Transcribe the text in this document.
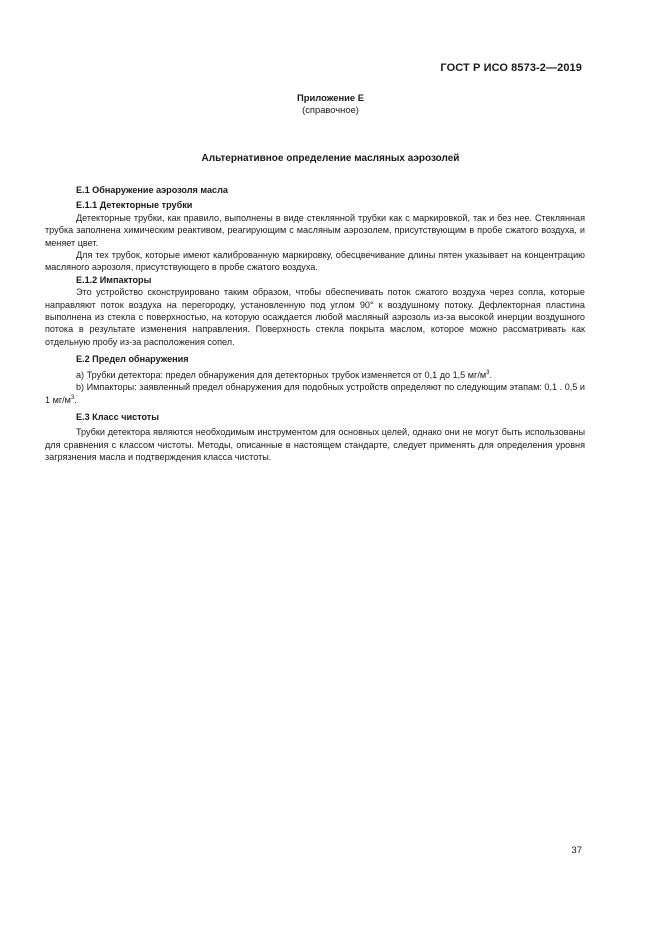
ГОСТ Р ИСО 8573-2—2019
Приложение Е
(справочное)
Альтернативное определение масляных аэрозолей

Е.1 Обнаружение аэрозоля масла

Е.1.1 Детекторные трубки

Детекторные трубки, как правило, выполнены в виде стеклянной трубки как с маркировкой, так и без нее. Стеклянная трубка заполнена химическим реактивом, реагирующим с масляным аэрозолем, присутствующим в пробе сжатого воздуха, и меняет цвет.

Для тех трубок, которые имеют калиброванную маркировку, обесцвечивание длины пятен указывает на концентрацию масляного аэрозоля, присутствующего в пробе сжатого воздуха.

Е.1.2 Импакторы

Это устройство сконструировано таким образом, чтобы обеспечивать поток сжатого воздуха через сопла, которые направляют поток воздуха на перегородку, установленную под углом 90° к воздушному потоку. Дефлекторная пластина выполнена из стекла с поверхностью, на которую осаждается любой масляный аэрозоль из-за высокой инерции воздушного потока в результате изменения направления. Поверхность стекла покрыта маслом, которое можно рассматривать как отдельную пробу из-за расположения сопел.

Е.2 Предел обнаружения

a) Трубки детектора: предел обнаружения для детекторных трубок изменяется от 0,1 до 1,5 $мг/м^3$.

b) Импакторы: заявленный предел обнаружения для подобных устройств определяют по следующим этапам: 0,1 . 0,5 и 1 $мг/м^3$.

Е.3 Класс чистоты

Трубки детектора являются необходимым инструментом для основных целей, однако они не могут быть использованы для сравнения с классом чистоты. Методы, описанные в настоящем стандарте, следует применять для определения уровня загрязнения масла и подтверждения класса чистоты.

37
